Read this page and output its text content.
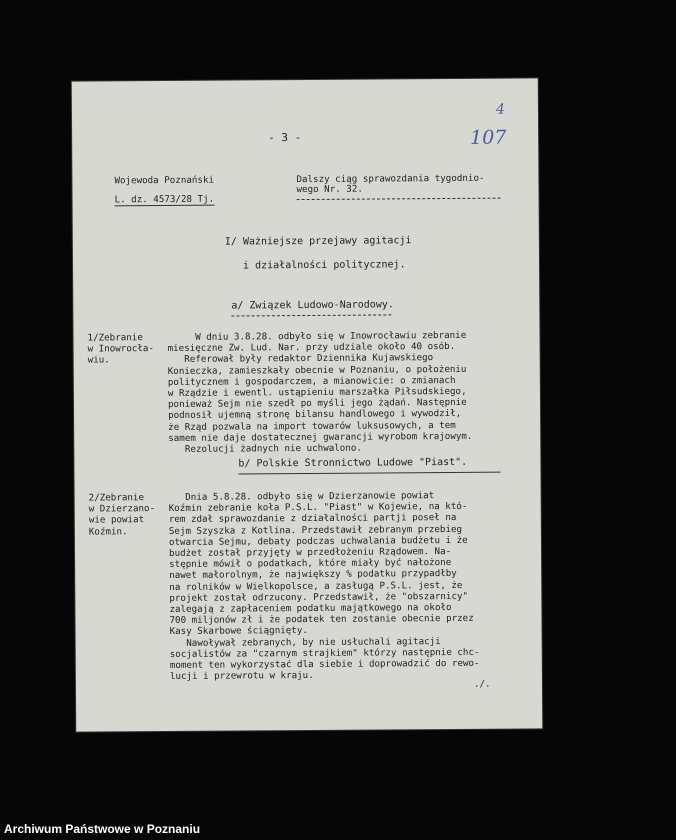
- 3 -
4
107
Wojewoda Poznański
L. dz. 4573/28 Tj.
Dalszy ciąg sprawozdania tygodnio-
wego Nr. 32.
I/ Ważniejsze przejawy agitacji
i działalności politycznej.
a/ Związek Ludowo-Narodowy.
1/Zebranie
w Inowrocła-
wiu.
W dniu 3.8.28. odbyło się w Inowrocławiu zebranie
miesięczne Zw. Lud. Nar. przy udziale około 40 osób.
Referował były redaktor Dziennika Kujawskiego
Konieczka, zamieszkały obecnie w Poznaniu, o położeniu
politycznem i gospodarczem, a mianowicie: o zmianach
w Rządzie i ewentl. ustąpieniu marszałka Piłsudskiego,
ponieważ Sejm nie szedł po myśli jego żądań. Następnie
podnosił ujemną stronę bilansu handlowego i wywodził,
że Rząd pozwala na import towarów luksusowych, a tem
samem nie daje dostatecznej gwarancji wyrobom krajowym.
Rezolucji żadnych nie uchwalono.
b/ Polskie Stronnictwo Ludowe "Piast".
2/Zebranie
w Dzierzano-
wie powiat
Koźmin.
Dnia 5.8.28. odbyło się w Dzierzanowie powiat
Koźmin zebranie koła P.S.L. "Piast" w Kojewie, na któ-
rem zdał sprawozdanie z działalności partji poseł na
Sejm Szyszka z Kotlina. Przedstawił zebranym przebieg
otwarcia Sejmu, debaty podczas uchwalania budżetu i że
budżet został przyjęty w przedłożeniu Rządowem. Na-
stępnie mówił o podatkach, które miały być nałożone
nawet małorolnym, że największy % podatku przypadłby
na rolników w Wielkopolsce, a zasługą P.S.L. jest, że
projekt został odrzucony. Przedstawił, że "obszarnicy"
zalegają z zapłaceniem podatku majątkowego na około
700 miljonów zł i że podatek ten zostanie obecnie przez
Kasy Skarbowe ściągnięty.
Nawoływał zebranych, by nie usłuchali agitacji
socjalistów za "czarnym strajkiem" którzy następnie chc-
moment ten wykorzystać dla siebie i doprowadzić do rewo-
lucji i przewrotu w kraju.
./.
Archiwum Państwowe w Poznaniu
